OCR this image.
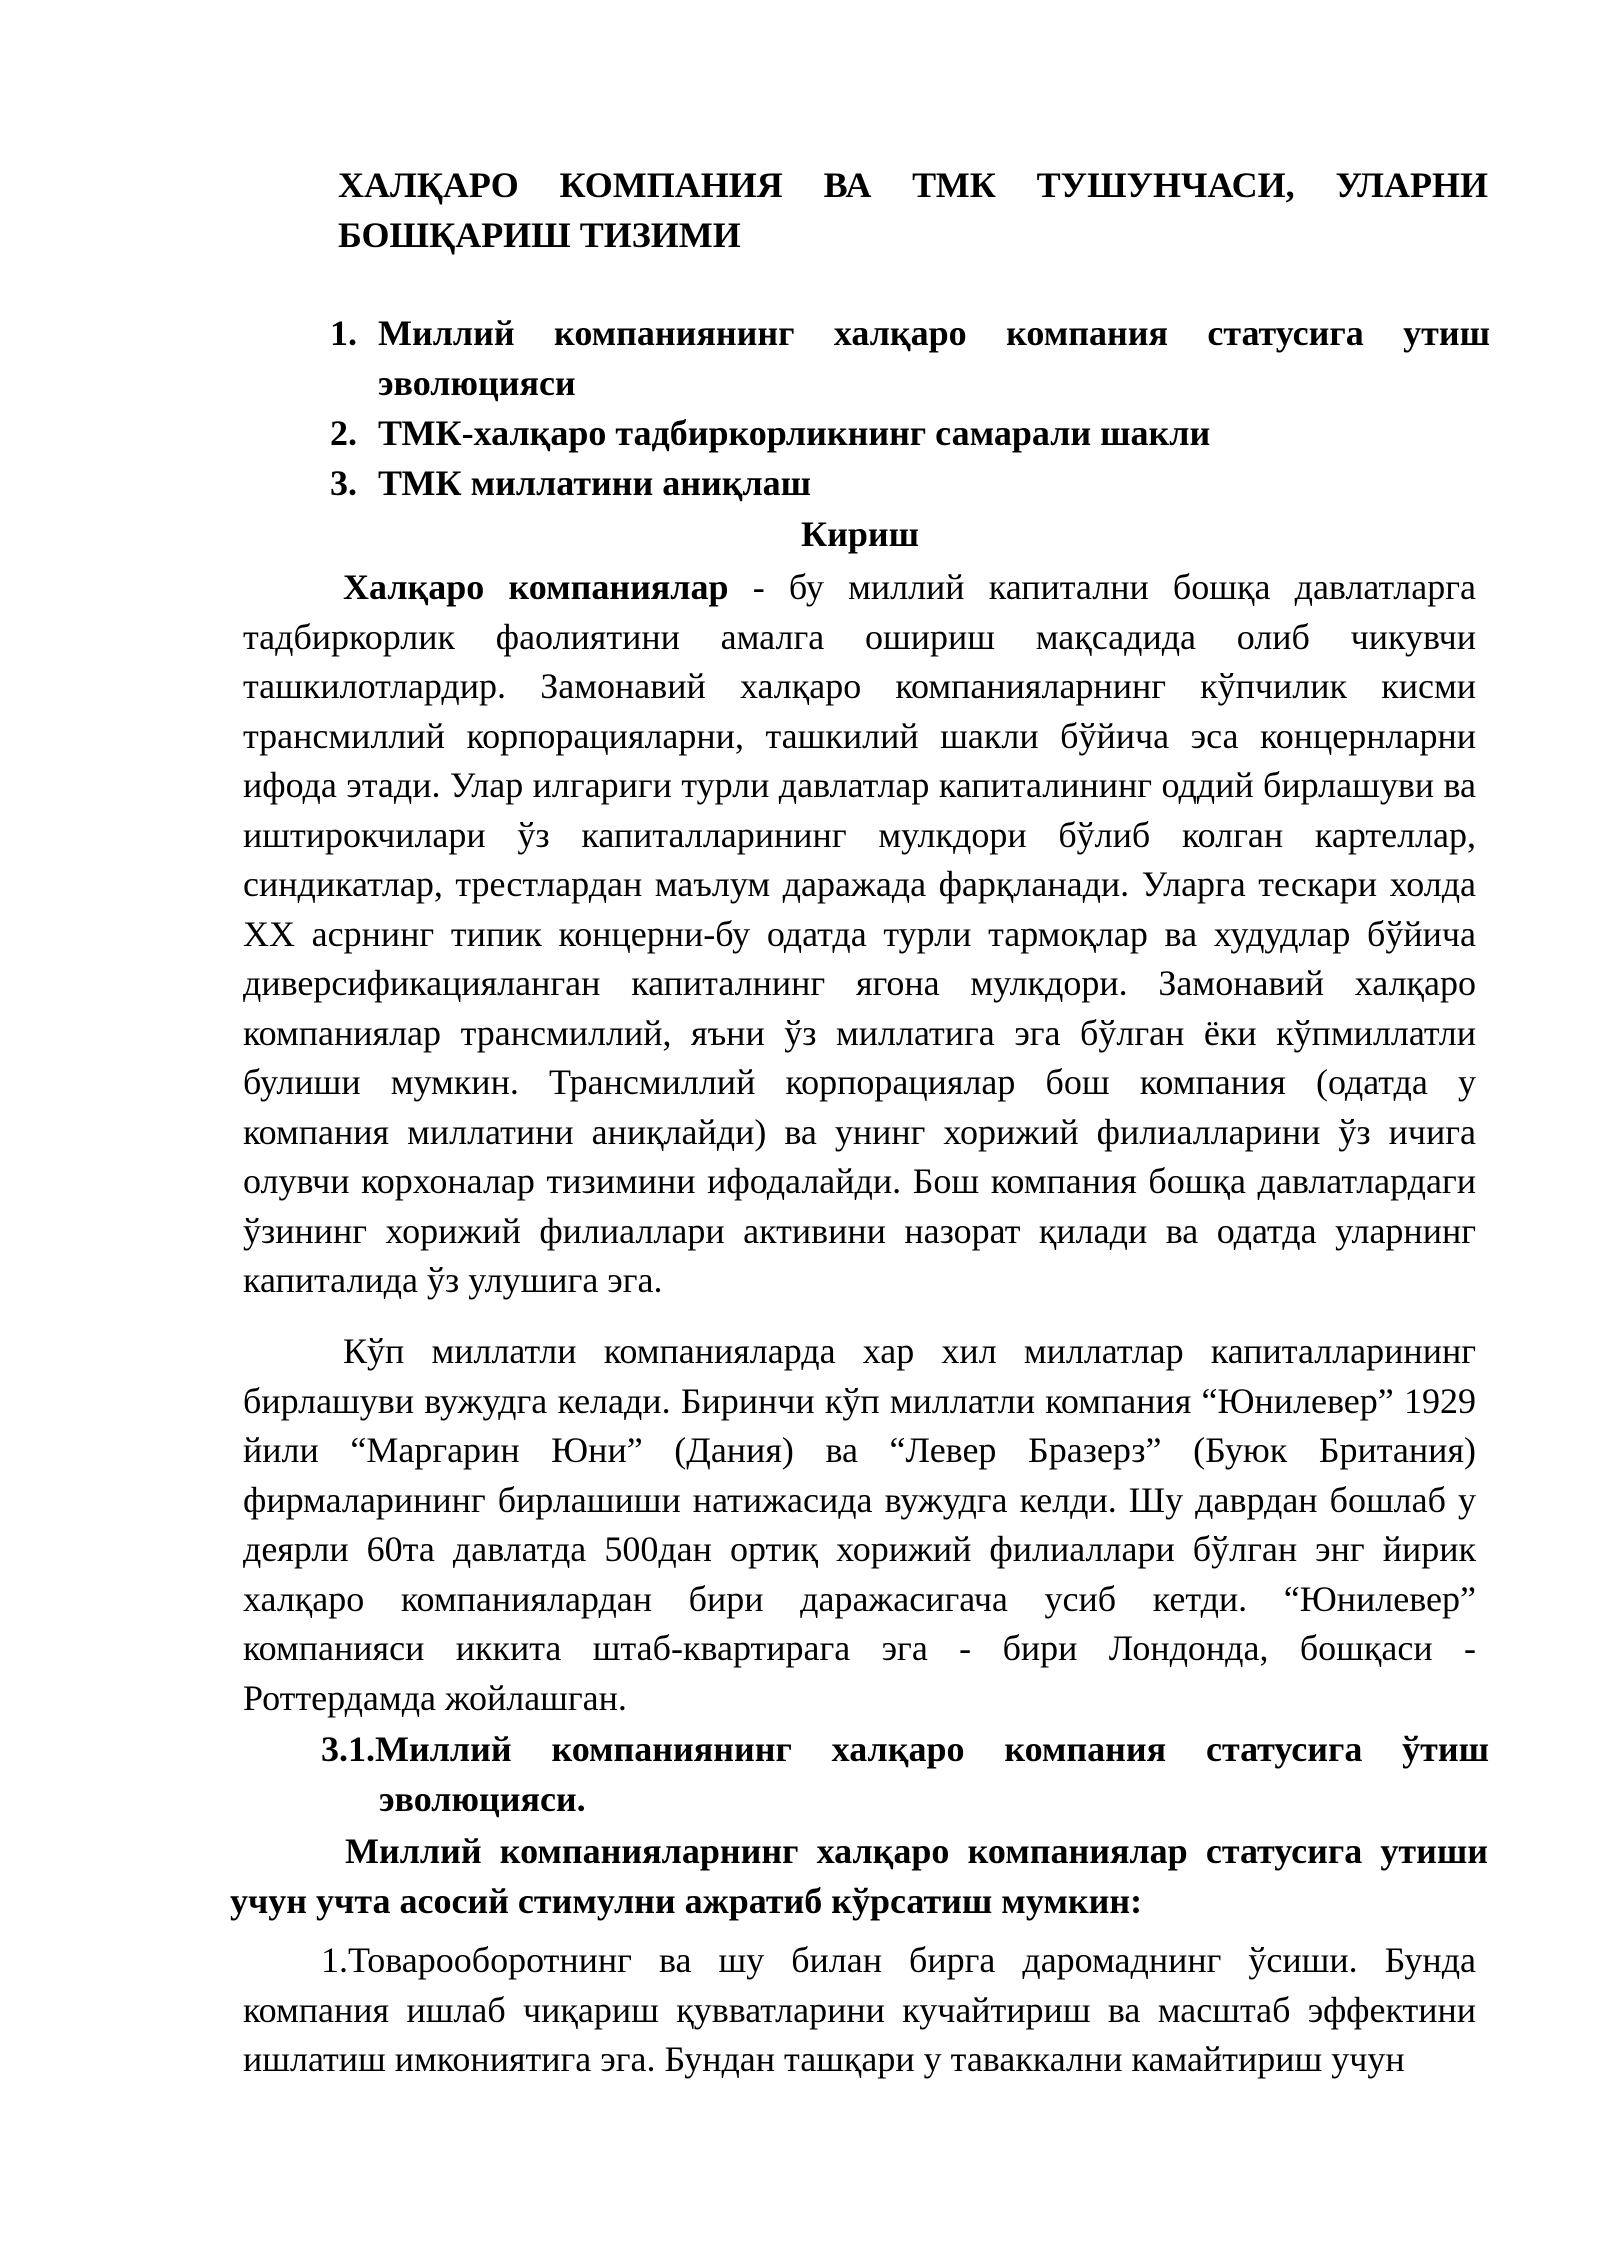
ХАЛҚАРО КОМПАНИЯ ВА ТМК ТУШУНЧАСИ, УЛАРНИ
БОШҚАРИШ ТИЗИМИ
1. Миллий компаниянинг халқаро компания статусига утиш эволюцияси
2. ТМК-халқаро тадбиркорликнинг самарали шакли
3. ТМК миллатини аниқлаш
Кириш

Халқаро компаниялар - бу миллий капитални бошқа давлатларга тадбиркорлик фаолиятини амалга ошириш мақсадида олиб чикувчи ташкилотлардир. Замонавий халқаро компанияларнинг кўпчилик кисми трансмиллий корпорацияларни, ташкилий шакли бўйича эса концернларни ифода этади. Улар илгариги турли давлатлар капиталининг оддий бирлашуви ва иштирокчилари ўз капиталларининг мулкдори бўлиб колган картеллар, синдикатлар, трестлардан маълум даражада фарқланади. Уларга тескари холда XX асрнинг типик концерни-бу одатда турли тармоқлар ва худудлар бўйича диверсификацияланган капиталнинг ягона мулкдори. Замонавий халқаро компаниялар трансмиллий, яъни ўз миллатига эга бўлган ёки кўпмиллатли булиши мумкин. Трансмиллий корпорациялар бош компания (одатда у компания миллатини аниқлайди) ва унинг хорижий филиалларини ўз ичига олувчи корхоналар тизимини ифодалайди. Бош компания бошқа давлатлардаги ўзининг хорижий филиаллари активини назорат қилади ва одатда уларнинг капиталида ўз улушига эга.

Кўп миллатли компанияларда хар хил миллатлар капиталларининг бирлашуви вужудга келади. Биринчи кўп миллатли компания “Юнилевер” 1929 йили “Маргарин Юни” (Дания) ва “Левер Бразерз” (Буюк Британия) фирмаларининг бирлашиши натижасида вужудга келди. Шу даврдан бошлаб у деярли 60та давлатда 500дан ортиқ хорижий филиаллари бўлган энг йирик халқаро компаниялардан бири даражасигача усиб кетди. “Юнилевер” компанияси иккита штаб-квартирага эга - бири Лондонда, бошқаси - Роттердамда жойлашган.

3.1.Миллий компаниянинг халқаро компания статусига ўтиш
эволюцияси.

Миллий компанияларнинг халқаро компаниялар статусига утиши учун учта асосий стимулни ажратиб кўрсатиш мумкин:

1.Товарооборотнинг ва шу билан бирга даромаднинг ўсиши. Бунда компания ишлаб чиқариш қувватларини кучайтириш ва масштаб эффектини ишлатиш имкониятига эга. Бундан ташқари у таваккални камайтириш учун
